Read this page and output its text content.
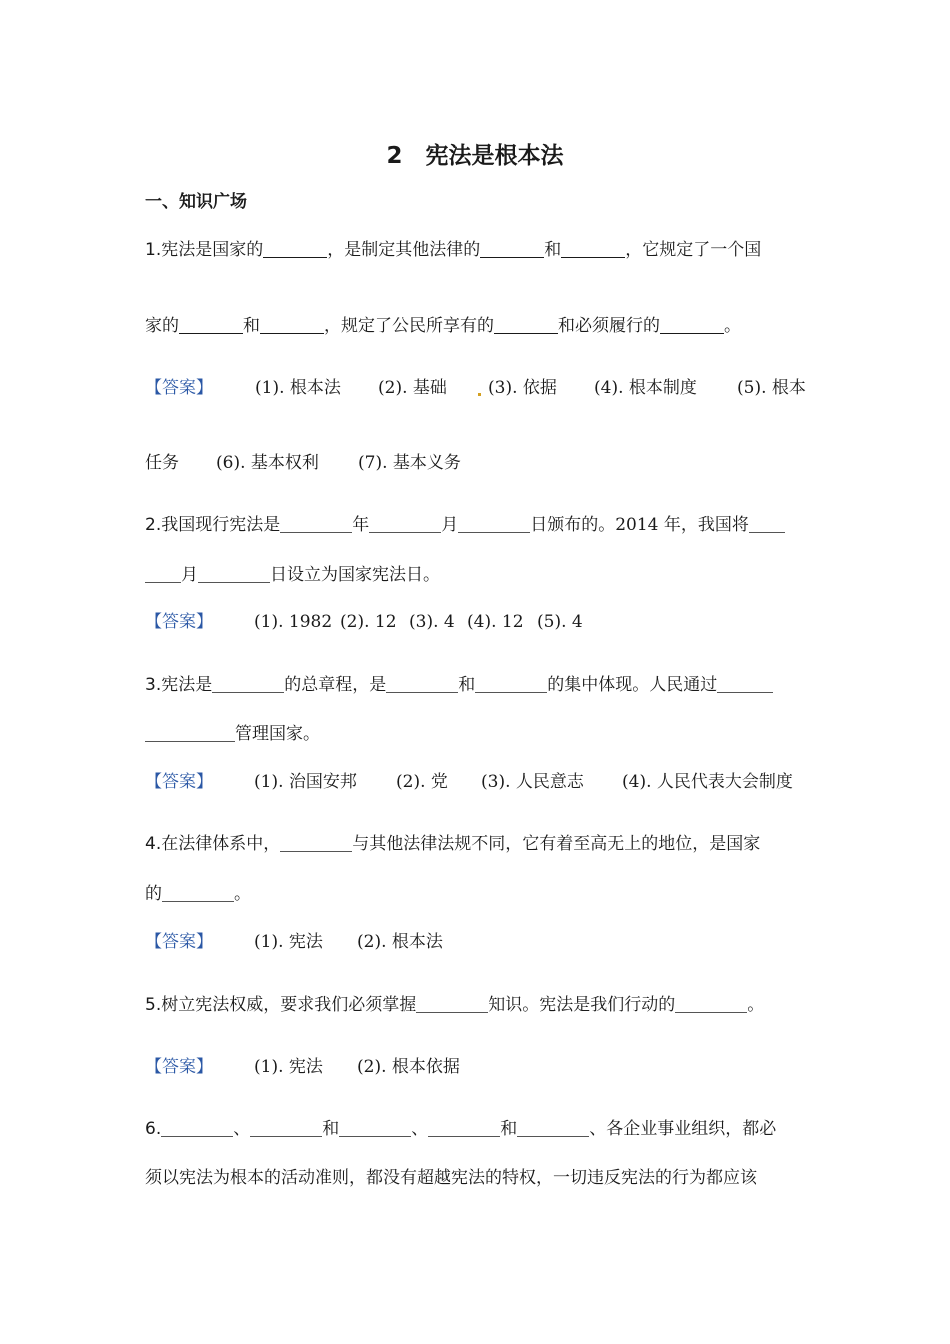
2　宪法是根本法
一、知识广场
1.宪法是国家的	，是制定其他法律的	和	，它规定了一个国
家的	和	，规定了公民所享有的	和必须履行的	。
【答案】 (1). 根本法 (2). 基础 (3). 依据 (4). 根本制度 (5). 根本
任务 (6). 基本权利 (7). 基本义务
2.我国现行宪法是	年	月	日颁布的。2014 年，我国将
月	日设立为国家宪法日。
【答案】 (1). 1982 (2). 12 (3). 4 (4). 12 (5). 4
3.宪法是	的总章程，是	和	的集中体现。人民通过
管理国家。
【答案】 (1). 治国安邦 (2). 党 (3). 人民意志 (4). 人民代表大会制度
4.在法律体系中，	与其他法律法规不同，它有着至高无上的地位，是国家
的	。
【答案】 (1). 宪法 (2). 根本法
5.树立宪法权威，要求我们必须掌握	知识。宪法是我们行动的	。
【答案】 (1). 宪法 (2). 根本依据
6.	、	和	、	和	、各企业事业组织，都必
须以宪法为根本的活动准则，都没有超越宪法的特权，一切违反宪法的行为都应该
